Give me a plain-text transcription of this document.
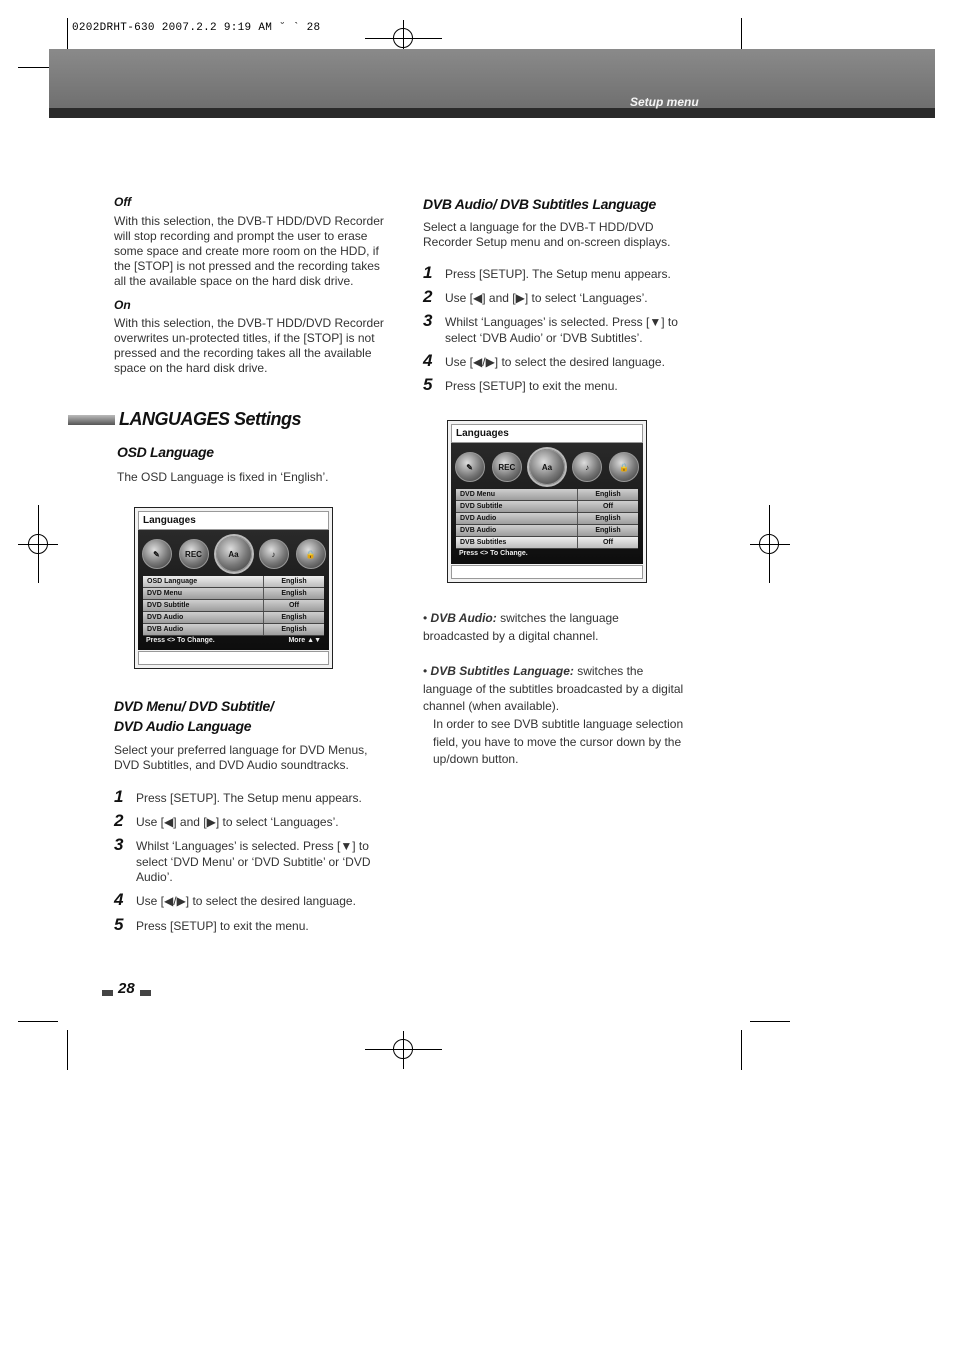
0202DRHT-630 2007.2.2 9:19 AM ˘ ` 28
Setup menu
Off
With this selection, the DVB-T HDD/DVD Recorder will stop recording and prompt the user to erase some space and create more room on the HDD, if the [STOP] is not pressed and the recording takes all the available space on the hard disk drive.
On
With this selection, the DVB-T HDD/DVD Recorder overwrites un-protected titles, if the [STOP] is not pressed and the recording takes all the available space on the hard disk drive.
LANGUAGES Settings
OSD Language
The OSD Language is fixed in ‘English’.
Languages
✎	REC	Aa	♪	🔒
OSD Language	English
DVD Menu	English
DVD Subtitle	Off
DVD Audio	English
DVB Audio	English
Press <> To Change.	More ▲▼
DVD Menu/ DVD Subtitle/
DVD Audio Language
Select your preferred language for DVD Menus, DVD Subtitles, and DVD Audio soundtracks.
1 Press [SETUP]. The Setup menu appears.
2 Use [◀] and [▶] to select ‘Languages’.
3 Whilst ‘Languages’ is selected. Press [▼] to select ‘DVD Menu’ or ‘DVD Subtitle’ or ‘DVD Audio’.
4 Use [◀/▶] to select the desired language.
5 Press [SETUP] to exit the menu.
DVB Audio/ DVB Subtitles Language
Select a language for the DVB-T HDD/DVD Recorder Setup menu and on-screen displays.
1 Press [SETUP]. The Setup menu appears.
2 Use [◀] and [▶] to select ‘Languages’.
3 Whilst ‘Languages’ is selected. Press [▼] to select ‘DVB Audio’ or ‘DVB Subtitles’.
4 Use [◀/▶] to select the desired language.
5 Press [SETUP] to exit the menu.
Languages
✎	REC	Aa	♪	🔒
DVD Menu	English
DVD Subtitle	Off
DVD Audio	English
DVB Audio	English
DVB Subtitles	Off
Press <> To Change.
• DVB Audio: switches the language broadcasted by a digital channel.
• DVB Subtitles Language: switches the language of the subtitles broadcasted by a digital channel (when available).
In order to see DVB subtitle language selection field, you have to move the cursor down by the up/down button.
28
